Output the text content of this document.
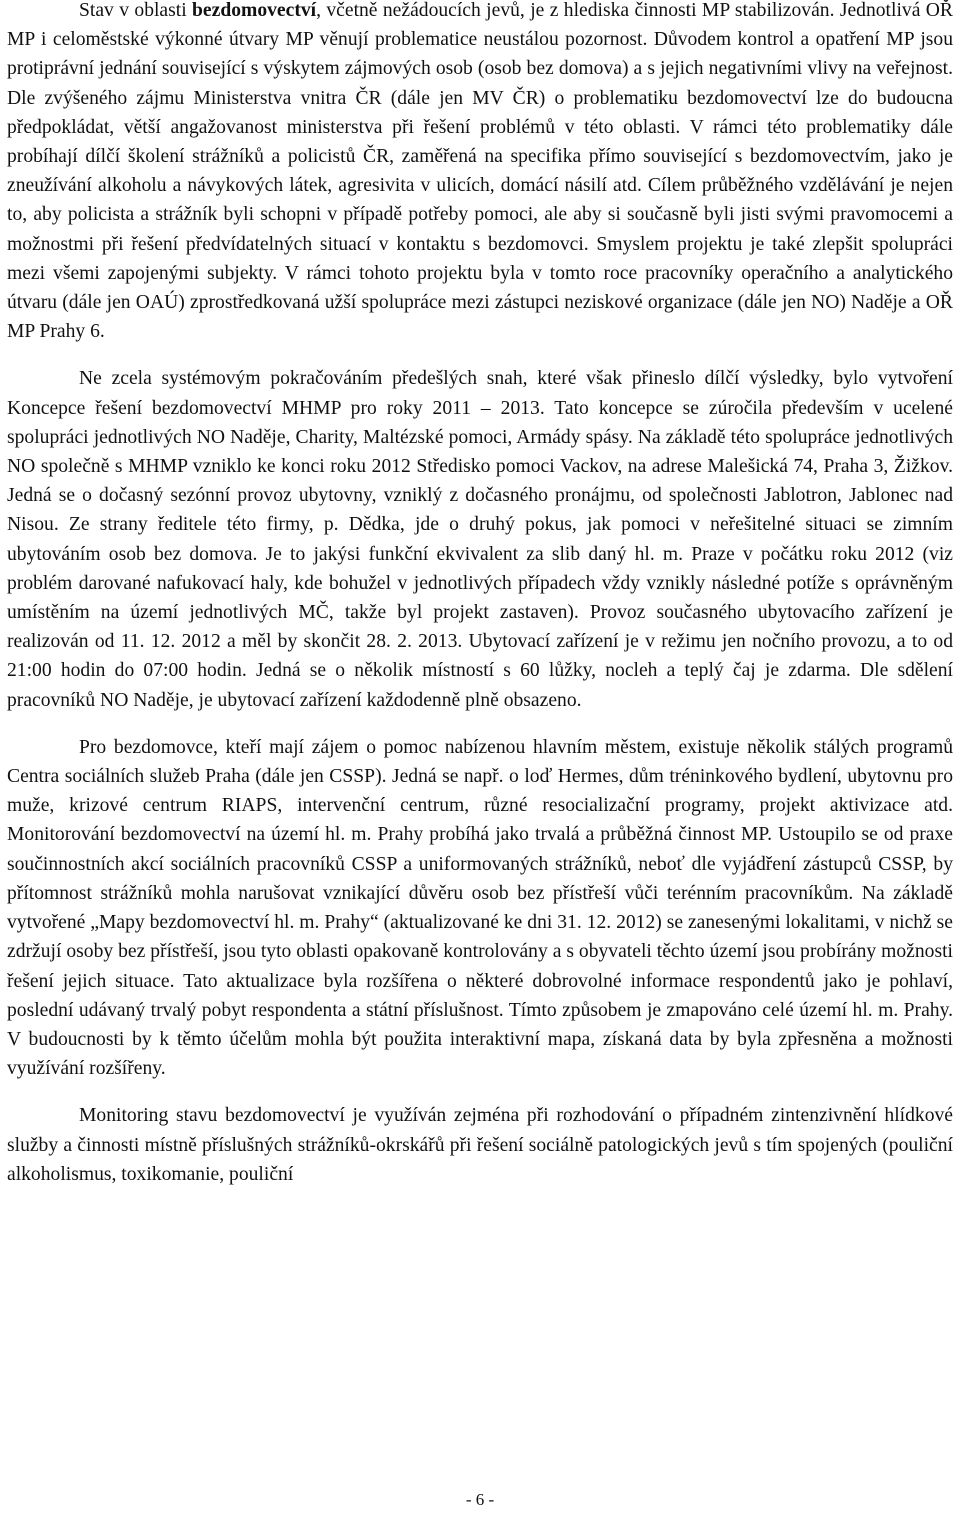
Stav v oblasti bezdomovectví, včetně nežádoucích jevů, je z hlediska činnosti MP stabilizován. Jednotlivá OŘ MP i celoměstské výkonné útvary MP věnují problematice neustálou pozornost. Důvodem kontrol a opatření MP jsou protiprávní jednání související s výskytem zájmových osob (osob bez domova) a s jejich negativními vlivy na veřejnost. Dle zvýšeného zájmu Ministerstva vnitra ČR (dále jen MV ČR) o problematiku bezdomovectví lze do budoucna předpokládat, větší angažovanost ministerstva při řešení problémů v této oblasti. V rámci této problematiky dále probíhají dílčí školení strážníků a policistů ČR, zaměřená na specifika přímo související s bezdomovectvím, jako je zneužívání alkoholu a návykových látek, agresivita v ulicích, domácí násilí atd. Cílem průběžného vzdělávání je nejen to, aby policista a strážník byli schopni v případě potřeby pomoci, ale aby si současně byli jisti svými pravomocemi a možnostmi při řešení předvídatelných situací v kontaktu s bezdomovci. Smyslem projektu je také zlepšit spolupráci mezi všemi zapojenými subjekty. V rámci tohoto projektu byla v tomto roce pracovníky operačního a analytického útvaru (dále jen OAÚ) zprostředkovaná užší spolupráce mezi zástupci neziskové organizace (dále jen NO) Naděje a OŘ MP Prahy 6.

Ne zcela systémovým pokračováním předešlých snah, které však přineslo dílčí výsledky, bylo vytvoření Koncepce řešení bezdomovectví MHMP pro roky 2011 – 2013. Tato koncepce se zúročila především v ucelené spolupráci jednotlivých NO Naděje, Charity, Maltézské pomoci, Armády spásy. Na základě této spolupráce jednotlivých NO společně s MHMP vzniklo ke konci roku 2012 Středisko pomoci Vackov, na adrese Malešická 74, Praha 3, Žižkov. Jedná se o dočasný sezónní provoz ubytovny, vzniklý z dočasného pronájmu, od společnosti Jablotron, Jablonec nad Nisou. Ze strany ředitele této firmy, p. Dědka, jde o druhý pokus, jak pomoci v neřešitelné situaci se zimním ubytováním osob bez domova. Je to jakýsi funkční ekvivalent za slib daný hl. m. Praze v počátku roku 2012 (viz problém darované nafukovací haly, kde bohužel v jednotlivých případech vždy vznikly následné potíže s oprávněným umístěním na území jednotlivých MČ, takže byl projekt zastaven). Provoz současného ubytovacího zařízení je realizován od 11. 12. 2012 a měl by skončit 28. 2. 2013. Ubytovací zařízení je v režimu jen nočního provozu, a to od 21:00 hodin do 07:00 hodin. Jedná se o několik místností s 60 lůžky, nocleh a teplý čaj je zdarma. Dle sdělení pracovníků NO Naděje, je ubytovací zařízení každodenně plně obsazeno.

Pro bezdomovce, kteří mají zájem o pomoc nabízenou hlavním městem, existuje několik stálých programů Centra sociálních služeb Praha (dále jen CSSP). Jedná se např. o loď Hermes, dům tréninkového bydlení, ubytovnu pro muže, krizové centrum RIAPS, intervenční centrum, různé resocializační programy, projekt aktivizace atd. Monitorování bezdomovectví na území hl. m. Prahy probíhá jako trvalá a průběžná činnost MP. Ustoupilo se od praxe součinnostních akcí sociálních pracovníků CSSP a uniformovaných strážníků, neboť dle vyjádření zástupců CSSP, by přítomnost strážníků mohla narušovat vznikající důvěru osob bez přístřeší vůči terénním pracovníkům. Na základě vytvořené „Mapy bezdomovectví hl. m. Prahy“ (aktualizované ke dni 31. 12. 2012) se zanesenými lokalitami, v nichž se zdržují osoby bez přístřeší, jsou tyto oblasti opakovaně kontrolovány a s obyvateli těchto území jsou probírány možnosti řešení jejich situace. Tato aktualizace byla rozšířena o některé dobrovolné informace respondentů jako je pohlaví, poslední udávaný trvalý pobyt respondenta a státní příslušnost. Tímto způsobem je zmapováno celé území hl. m. Prahy. V budoucnosti by k těmto účelům mohla být použita interaktivní mapa, získaná data by byla zpřesněna a možnosti využívání rozšířeny.

Monitoring stavu bezdomovectví je využíván zejména při rozhodování o případném zintenzivnění hlídkové služby a činnosti místně příslušných strážníků-okrskářů při řešení sociálně patologických jevů s tím spojených (pouliční alkoholismus, toxikomanie, pouliční

- 6 -
